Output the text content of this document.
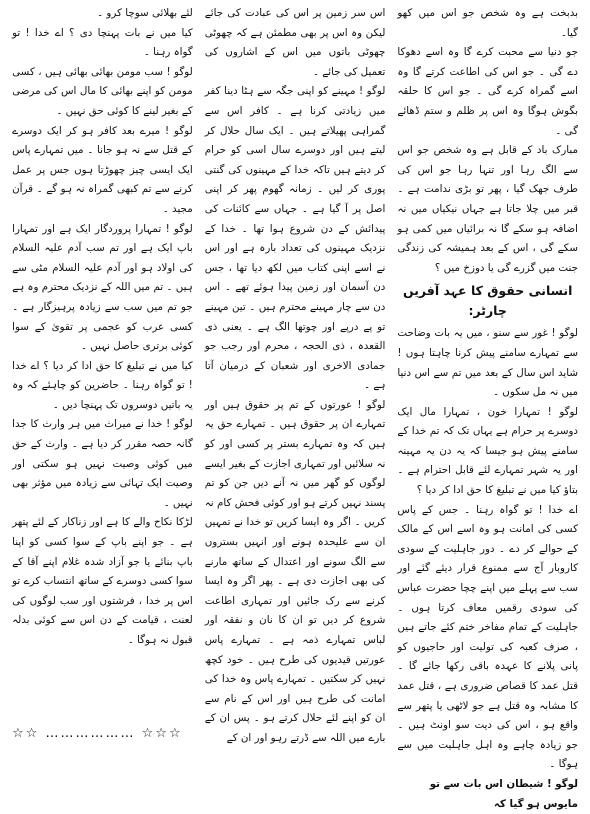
بدبخت ہے وہ شخص جو اس میں کھو گیا۔

جو دنیا سے محبت کرے گا وہ اسے دھوکا دے گی ۔ جو اس کی اطاعت کرتے گا وہ اسے گمراہ کرے گی ۔ جو اس کا حلقہ بگوش ہوگا وہ اس پر ظلم و ستم ڈھائے گی ۔

مبارک باد کے قابل ہے وہ شخص جو اس سے الگ رہا اور تنہا رہا جو اس کی طرف جھک گیا ، پھر تو بڑی ندامت ہے ۔ قبر میں چلا جاتا ہے جہاں نیکیاں میں نہ اضافہ ہو سکے گا نہ برائیاں میں کمی ہو سکے گی ، اس کے بعد ہمیشہ کی زندگی جنت میں گزرے گی یا دوزخ میں ؟

انسانی حقوق کا عہد آفریں چارٹر:

لوگو ! غور سے سنو ، میں یہ بات وضاحت سے تمہارے سامنے پیش کرنا چاہتا ہوں ! شاید اس سال کے بعد میں تم سے اس دنیا میں نہ مل سکوں ۔

لوگو ! تمہارا خون ، تمہارا مال ایک دوسرے پر حرام ہے یہاں تک کہ تم خدا کے سامنے پیش ہو جیسا کہ یہ دن یہ مہینہ اور یہ شہر تمہارے لئے قابل احترام ہے ۔ بتاؤ کیا میں نے تبلیغ کا حق ادا کر دیا ؟

اے خدا ! تو گواہ رہنا ۔ جس کے پاس کسی کی امانت ہو وہ اسے اس کے مالک کے حوالے کر دے ۔ دور جاہلیت کے سودی کاروبار آج سے ممنوع قرار دیئے گئے اور سب سے پہلے میں اپنے چچا حضرت عباس کی سودی رقمیں معاف کرتا ہوں ۔ جاہلیت کے تمام مفاخر ختم کئے جاتے ہیں ، صرف کعبہ کی تولیت اور حاجیوں کو پانی پلانے کا عہدہ باقی رکھا جائے گا ۔ قتل عمد کا قصاص ضروری ہے ، قتل عمد کا مشابہ وہ قتل ہے جو لاٹھی یا پتھر سے واقع ہو ، اس کی دیت سو اونٹ ہیں ۔ جو زیادہ چاہے وہ اہل جاہلیت میں سے ہوگا ۔

لوگو ! شیطان اس بات سے تو مایوس ہو گیا کہ

اس سر زمین پر اس کی عبادت کی جائے لیکن وہ اس پر بھی مطمئن ہے کہ چھوٹی چھوٹی باتوں میں اس کے اشاروں کی تعمیل کی جائے ۔

لوگو ! مہینے کو اپنی جگہ سے ہٹا دینا کفر میں زیادتی کرنا ہے ۔ کافر اس سے گمراہی پھیلاتے ہیں ۔ ایک سال حلال کر لیتے ہیں اور دوسرے سال اسی کو حرام کر دیتے ہیں تاکہ خدا کے مہینوں کی گنتی پوری کر لیں ۔ زمانہ گھوم پھر کر اپنی اصل پر آ گیا ہے ۔ جہاں سے کائنات کی پیدائش کے دن شروع ہوا تھا ۔ خدا کے نزدیک مہینوں کی تعداد بارہ ہے اور اس نے اسے اپنی کتاب میں لکھ دیا تھا ، جس دن آسمان اور زمین پیدا ہوئے تھے ۔ اس دن سے چار مہینے محترم ہیں ۔ تین مہینے تو پے درپے اور چوتھا الگ ہے ۔ یعنی ذی القعدہ ، ذی الحجہ ، محرم اور رجب جو جمادی الاخری اور شعبان کے درمیان آتا ہے ۔

لوگو ! عورتوں کے تم پر حقوق ہیں اور تمہارے ان پر حقوق ہیں ۔ تمہارے حق یہ ہیں کہ وہ تمہارے بستر پر کسی اور کو نہ سلائیں اور تمہاری اجازت کے بغیر ایسے لوگوں کو گھر میں نہ آنے دیں جن کو تم پسند نہیں کرتے ہو اور کوئی فحش کام نہ کریں ۔ اگر وہ ایسا کریں تو خدا نے تمہیں ان سے علیحدہ ہونے اور انہیں بستروں سے الگ سونے اور اعتدال کے ساتھ مارنے کی بھی اجازت دی ہے ۔ پھر اگر وہ ایسا کرنے سے رک جائیں اور تمہاری اطاعت شروع کر دیں تو ان کا نان و نفقہ اور لباس تمہارے ذمہ ہے ۔ تمہارے پاس عورتیں قیدیوں کی طرح ہیں ۔ خود کچھ نہیں کر سکتیں ۔ تمہارے پاس وہ خدا کی امانت کی طرح ہیں اور اس کے نام سے ان کو اپنے لئے حلال کرتے ہو ۔ پس ان کے بارے میں اللہ سے ڈرتے رہو اور ان کے

لئے بھلائی سوچا کرو ۔

کیا میں نے بات پہنچا دی ؟ اے خدا ! تو گواہ رہنا ۔

لوگو ! سب مومن بھائی بھائی ہیں ، کسی مومن کو اپنے بھائی کا مال اس کی مرضی کے بغیر لینے کا کوئی حق نہیں ۔

لوگو ! میرے بعد کافر ہو کر ایک دوسرے کے قتل سے نہ ہو جانا ۔ میں تمہارے پاس ایک ایسی چیز چھوڑتا ہوں جس پر عمل کرنے سے تم کبھی گمراہ نہ ہو گے ۔ قرآن مجید ۔

لوگو ! تمہارا پروردگار ایک ہے اور تمہارا باپ ایک ہے اور تم سب آدم علیہ السلام کی اولاد ہو اور آدم علیہ السلام مٹی سے ہیں ۔ تم میں اللہ کے نزدیک محترم وہ ہے جو تم میں سب سے زیادہ پرہیزگار ہے ۔ کسی عرب کو عجمی پر تقویٰ کے سوا کوئی برتری حاصل نہیں ۔

کیا میں نے تبلیغ کا حق ادا کر دیا ؟ اے خدا ! تو گواہ رہنا ۔ حاضرین کو چاہئے کہ وہ یہ باتیں دوسروں تک پہنچا دیں ۔

لوگو ! خدا نے میراث میں ہر وارث کا جدا گانہ حصہ مقرر کر دیا ہے ۔ وارث کے حق میں کوئی وصیت نہیں ہو سکتی اور وصیت ایک تہائی سے زیادہ میں مؤثر بھی نہیں ۔

لڑکا نکاح والے کا ہے اور زناکار کے لئے پتھر ہے ۔ جو اپنے باپ کے سوا کسی کو اپنا باپ بنائے یا جو آزاد شدہ غلام اپنے آقا کے سوا کسی دوسرے کے ساتھ انتساب کرے تو اس پر خدا ، فرشتوں اور سب لوگوں کی لعنت ، قیامت کے دن اس سے کوئی بدلہ قبول نہ ہوگا ۔

☆☆ ……………… ☆☆☆
